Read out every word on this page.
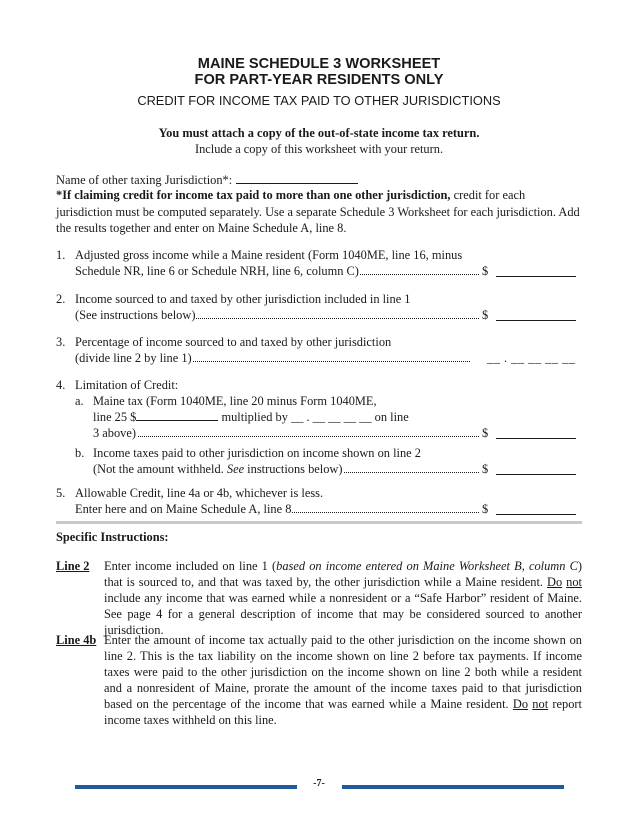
MAINE SCHEDULE 3 WORKSHEET
FOR PART-YEAR RESIDENTS ONLY
CREDIT FOR INCOME TAX PAID TO OTHER JURISDICTIONS
You must attach a copy of the out-of-state income tax return.
Include a copy of this worksheet with your return.
Name of other taxing Jurisdiction*:
*If claiming credit for income tax paid to more than one other jurisdiction, credit for each jurisdiction must be computed separately. Use a separate Schedule 3 Worksheet for each jurisdiction. Add the results together and enter on Maine Schedule A, line 8.
1. Adjusted gross income while a Maine resident (Form 1040ME, line 16, minus
Schedule NR, line 6 or Schedule NRH, line 6, column C)	$
2. Income sourced to and taxed by other jurisdiction included in line 1
(See instructions below)	$
3. Percentage of income sourced to and taxed by other jurisdiction
(divide line 2 by line 1)	__ . __ __ __ __
4. Limitation of Credit:
a. Maine tax (Form 1040ME, line 20 minus Form 1040ME,
line 25 $	multiplied by __ . __ __ __ __ on line
3 above)	$
b. Income taxes paid to other jurisdiction on income shown on line 2
(Not the amount withheld. See instructions below)	$
5. Allowable Credit, line 4a or 4b, whichever is less.
Enter here and on Maine Schedule A, line 8	$
Specific Instructions:
Line 2 Enter income included on line 1 (based on income entered on Maine Worksheet B, column C) that is sourced to, and that was taxed by, the other jurisdiction while a Maine resident. Do not include any income that was earned while a nonresident or a “Safe Harbor” resident of Maine. See page 4 for a general description of income that may be considered sourced to another jurisdiction.
Line 4b Enter the amount of income tax actually paid to the other jurisdiction on the income shown on line 2. This is the tax liability on the income shown on line 2 before tax payments. If income taxes were paid to the other jurisdiction on the income shown on line 2 both while a resident and a nonresident of Maine, prorate the amount of the income taxes paid to that jurisdiction based on the percentage of the income that was earned while a Maine resident. Do not report income taxes withheld on this line.
-7-
